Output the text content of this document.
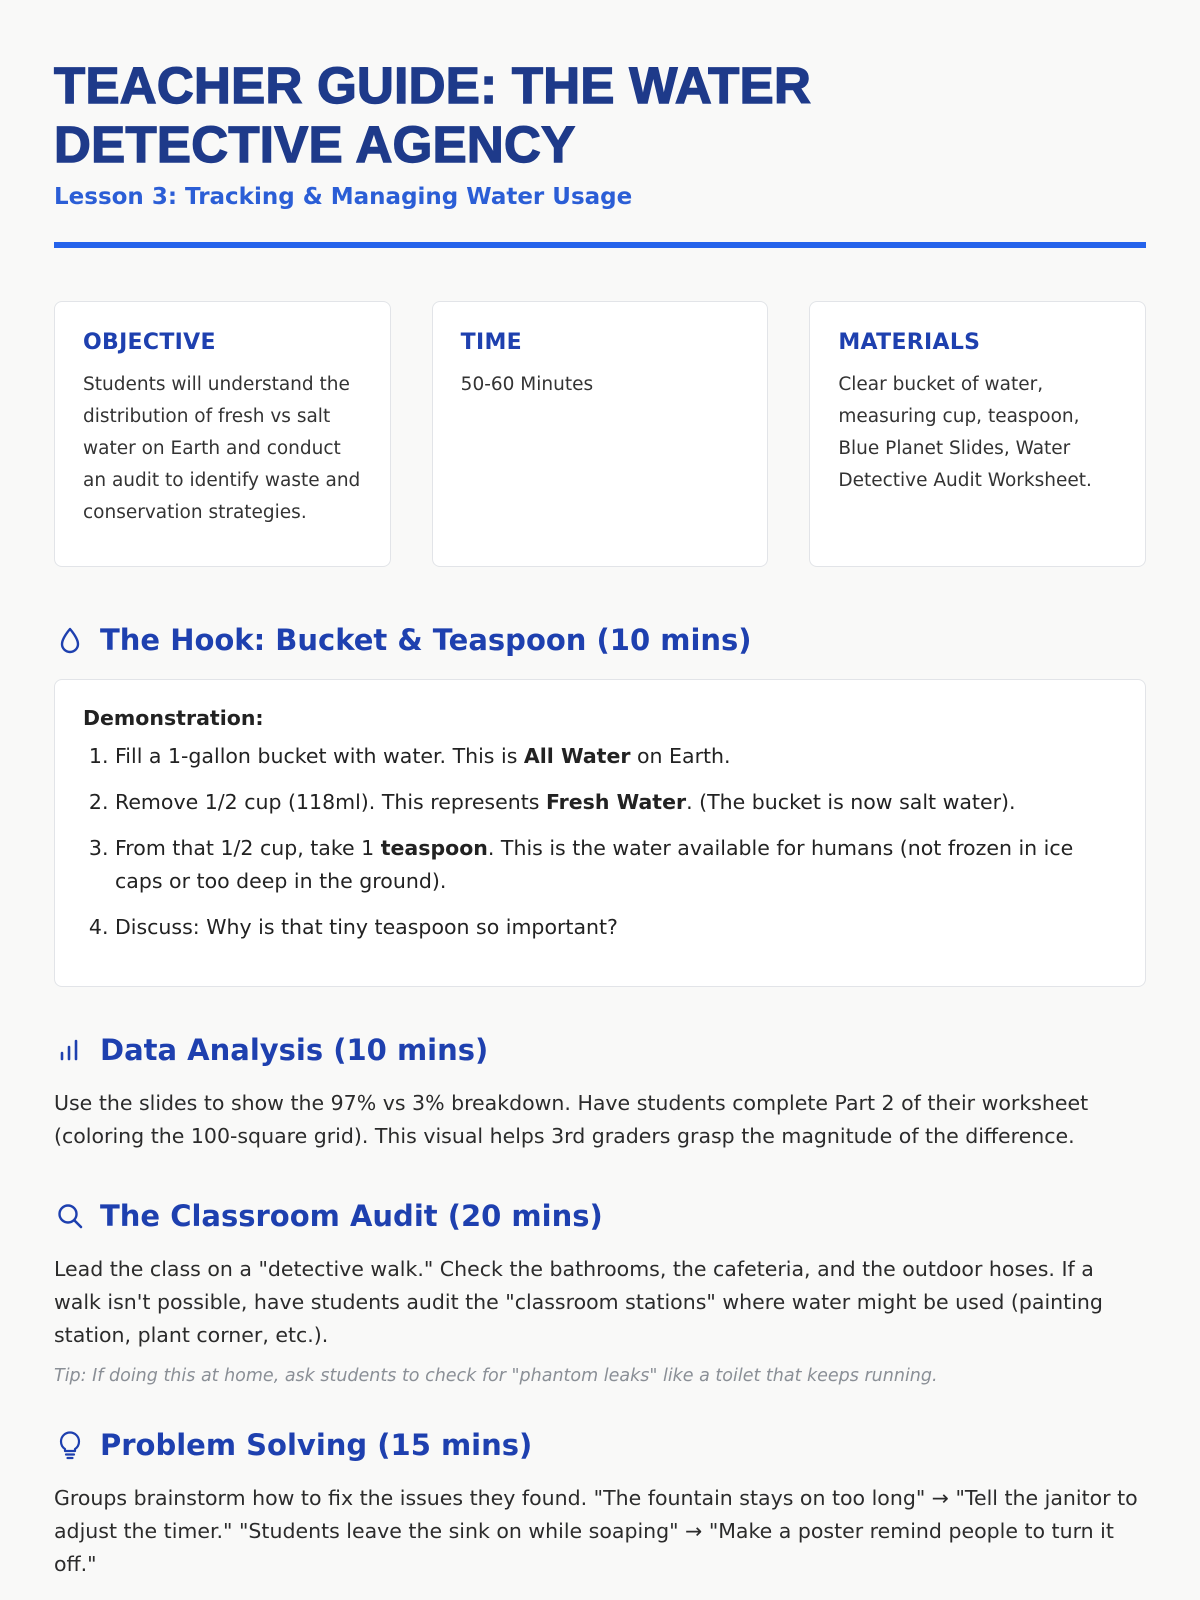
TEACHER GUIDE: THE WATER DETECTIVE AGENCY
Lesson 3: Tracking & Managing Water Usage
OBJECTIVE
Students will understand the distribution of fresh vs salt water on Earth and conduct an audit to identify waste and conservation strategies.
TIME
50-60 Minutes
MATERIALS
Clear bucket of water, measuring cup, teaspoon, Blue Planet Slides, Water Detective Audit Worksheet.
The Hook: Bucket & Teaspoon (10 mins)
Demonstration:
1. Fill a 1-gallon bucket with water. This is All Water on Earth.
2. Remove 1/2 cup (118ml). This represents Fresh Water. (The bucket is now salt water).
3. From that 1/2 cup, take 1 teaspoon. This is the water available for humans (not frozen in ice caps or too deep in the ground).
4. Discuss: Why is that tiny teaspoon so important?
Data Analysis (10 mins)

Use the slides to show the 97% vs 3% breakdown. Have students complete Part 2 of their worksheet (coloring the 100-square grid). This visual helps 3rd graders grasp the magnitude of the difference.

The Classroom Audit (20 mins)

Lead the class on a "detective walk." Check the bathrooms, the cafeteria, and the outdoor hoses. If a walk isn't possible, have students audit the "classroom stations" where water might be used (painting station, plant corner, etc.).

Tip: If doing this at home, ask students to check for "phantom leaks" like a toilet that keeps running.
Problem Solving (15 mins)

Groups brainstorm how to fix the issues they found. "The fountain stays on too long" → "Tell the janitor to adjust the timer." "Students leave the sink on while soaping" → "Make a poster remind people to turn it off."
